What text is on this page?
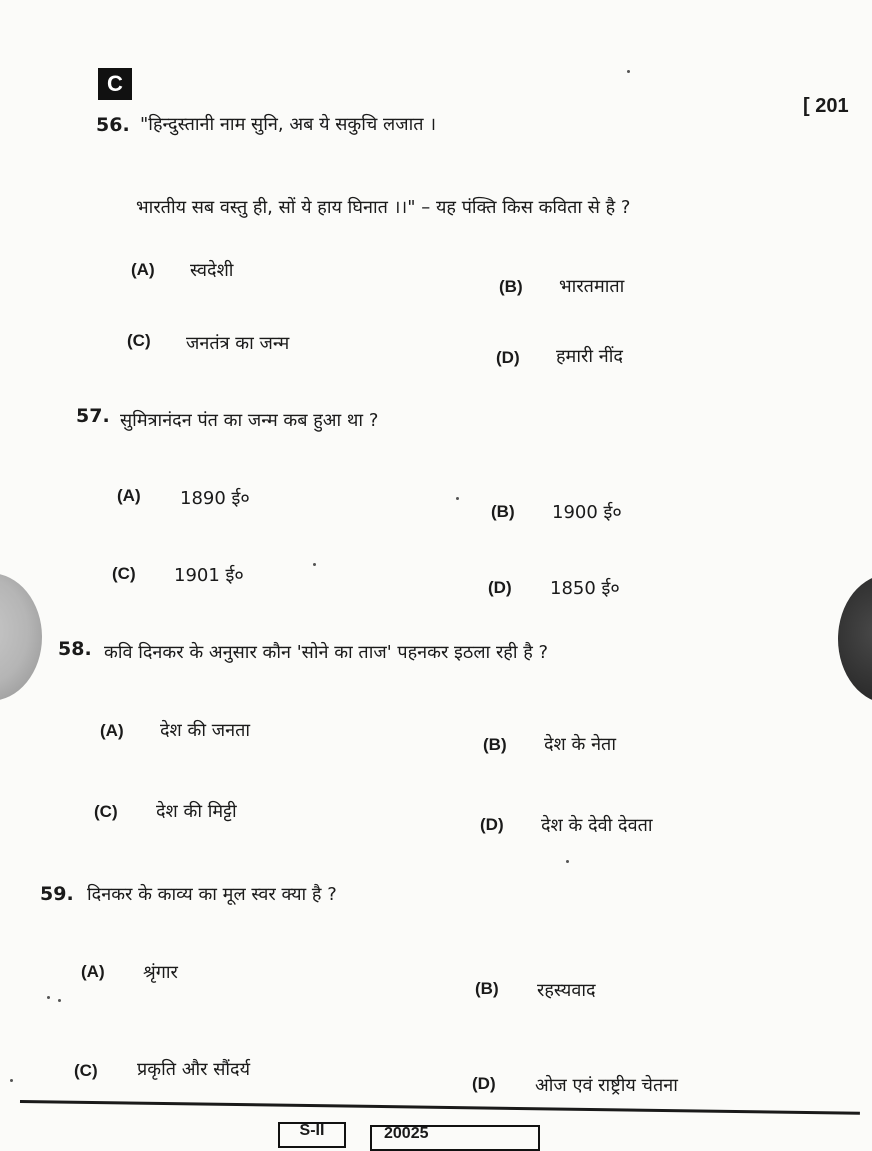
C
[ 201
56. "हिन्दुस्तानी नाम सुनि, अब ये सकुचि लजात ।
भारतीय सब वस्तु ही, सों ये हाय घिनात ।।" – यह पंक्ति किस कविता से है ?
(A) स्वदेशी
(B) भारतमाता
(C) जनतंत्र का जन्म
(D) हमारी नींद
57. सुमित्रानंदन पंत का जन्म कब हुआ था ?
(A) 1890 ई०
(B) 1900 ई०
(C) 1901 ई०
(D) 1850 ई०
58. कवि दिनकर के अनुसार कौन 'सोने का ताज' पहनकर इठला रही है ?
(A) देश की जनता
(B) देश के नेता
(C) देश की मिट्टी
(D) देश के देवी देवता
59. दिनकर के काव्य का मूल स्वर क्या है ?
(A) श्रृंगार
(B) रहस्यवाद
(C) प्रकृति और सौंदर्य
(D) ओज एवं राष्ट्रीय चेतना
S-II	20025
